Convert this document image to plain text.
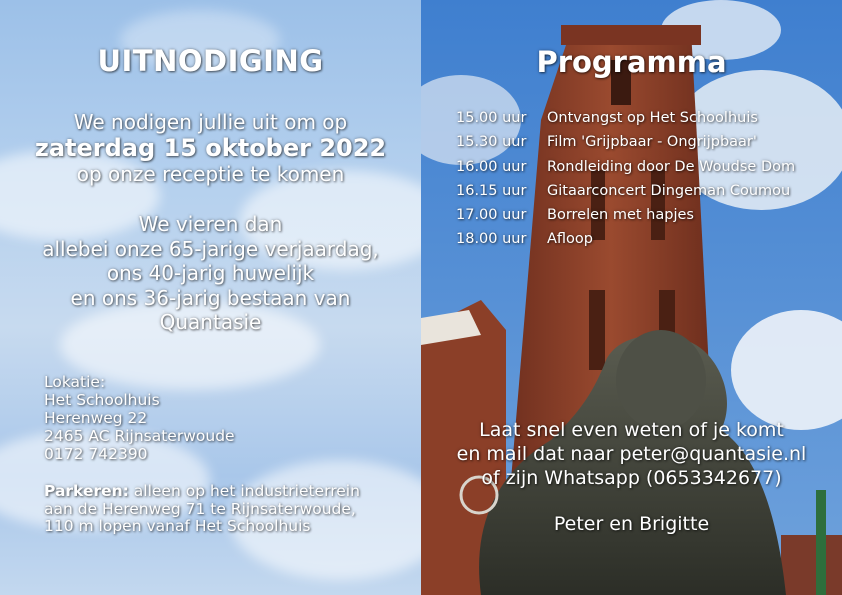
UITNODIGING
We nodigen jullie uit om op
zaterdag 15 oktober 2022
op onze receptie te komen
We vieren dan
allebei onze 65-jarige verjaardag,
ons 40-jarig huwelijk
en ons 36-jarig bestaan van
Quantasie
Lokatie:
Het Schoolhuis
Herenweg 22
2465 AC Rijnsaterwoude
0172 742390
Parkeren: alleen op het industrieterrein
aan de Herenweg 71 te Rijnsaterwoude,
110 m lopen vanaf Het Schoolhuis
Programma
15.00 uur	Ontvangst op Het Schoolhuis
15.30 uur	Film 'Grijpbaar - Ongrijpbaar'
16.00 uur	Rondleiding door De Woudse Dom
16.15 uur	Gitaarconcert Dingeman Coumou
17.00 uur	Borrelen met hapjes
18.00 uur	Afloop
Laat snel even weten of je komt
en mail dat naar peter@quantasie.nl
of zijn Whatsapp (0653342677)
Peter en Brigitte
